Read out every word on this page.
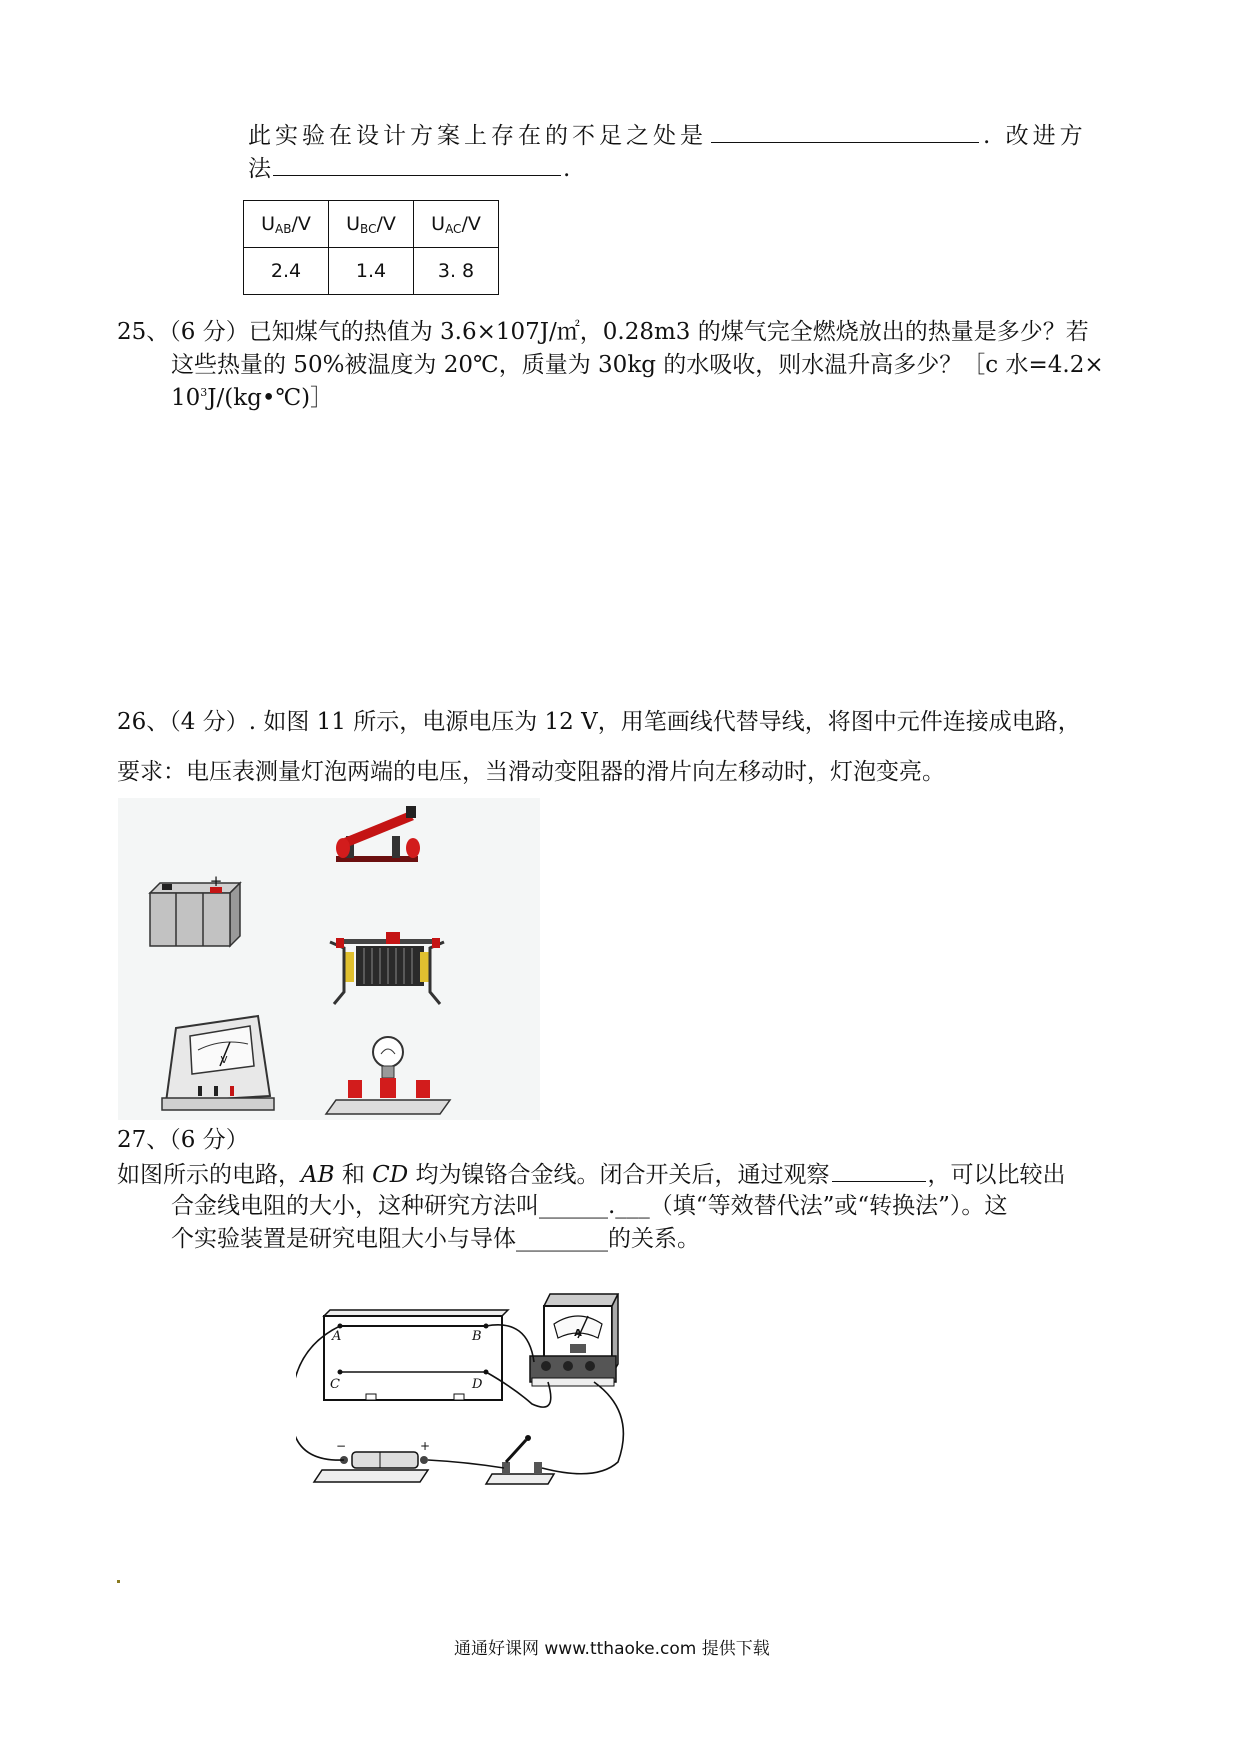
此实验在设计方案上存在的不足之处是	. 改进方
法	.
$U_{AB}/V$	$U_{BC}/V$	$U_{AC}/V$
2.4	1.4	3. 8
25、（6 分）已知煤气的热值为 3.6×107J/㎡，0.28m3 的煤气完全燃烧放出的热量是多少？若
这些热量的 50%被温度为 20℃，质量为 30kg 的水吸收，则水温升高多少？［c 水=4.2×
$10^3J/(kg•℃)]$
26、（4 分）. 如图 11 所示，电源电压为 12 V，用笔画线代替导线，将图中元件连接成电路，
要求：电压表测量灯泡两端的电压，当滑动变阻器的滑片向左移动时，灯泡变亮。
+
V
27、（6 分）
如图所示的电路，AB 和 CD 均为镍铬合金线。闭合开关后，通过观察	，可以比较出
合金线电阻的大小，这种研究方法叫______.___（填“等效替代法”或“转换法”）。这
个实验装置是研究电阻大小与导体________的关系。
A	B
C	D
A
−	+
通通好课网 www.tthaoke.com 提供下载
